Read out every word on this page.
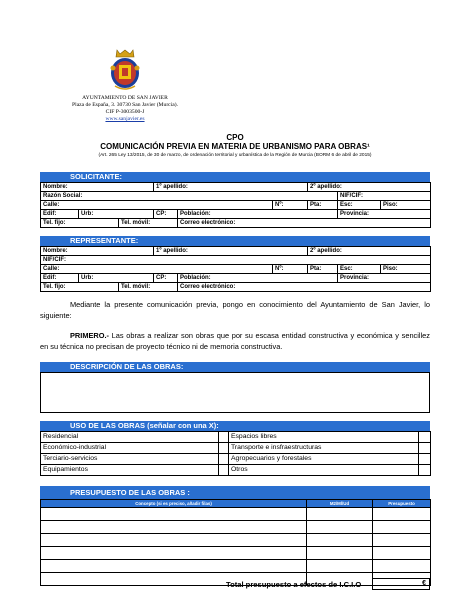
AYUNTAMIENTO DE SAN JAVIER
Plaza de España, 3. 30730 San Javier (Murcia).
CIF P-3003500-J
www.sanjavier.es
CPO
COMUNICACIÓN PREVIA EN MATERIA DE URBANISMO PARA OBRAS¹
(Art. 265 Ley 13/2015, de 30 de marzo, de ordenación territorial y urbanística de la Región de Murcia (BORM 6 de abril de 2015)
SOLICITANTE:
Nombre:			1º apellido:			2º apellido:		
Razón Social:							NIF/CIF:	
Calle:					Nº:	Pta:	Esc:	Piso:
Edif:	Urb:		CP:	Población:			Provincia:	
Tel. fijo:		Tel. móvil:		Correo electrónico:				
REPRESENTANTE:
Nombre:			1º apellido:			2º apellido:		
NIF/CIF:								
Calle:					Nº:	Pta:	Esc:	Piso:
Edif:	Urb:		CP:	Población:			Provincia:	
Tel. fijo:		Tel. móvil:		Correo electrónico:				
Mediante la presente comunicación previa, pongo en conocimiento del Ayuntamiento de San Javier, lo siguiente:
PRIMERO.- Las obras a realizar son obras que por su escasa entidad constructiva y económica y sencillez en su técnica no precisan de proyecto técnico ni de memoria constructiva.
DESCRIPCIÓN DE LAS OBRAS:
USO DE LAS OBRAS (señalar con una X):
Residencial		Espacios libres	
Económico-industrial		Transporte e insfraestructuras	
Terciario-servicios		Agropecuarios y forestales	
Equipamientos		Otros	
PRESUPUESTO DE LAS OBRAS :
Concepto (si es preciso, añadir filas)	M2/Ml/Ud	Presupuesto

Total presupuesto a efectos de I.C.I.O	€
